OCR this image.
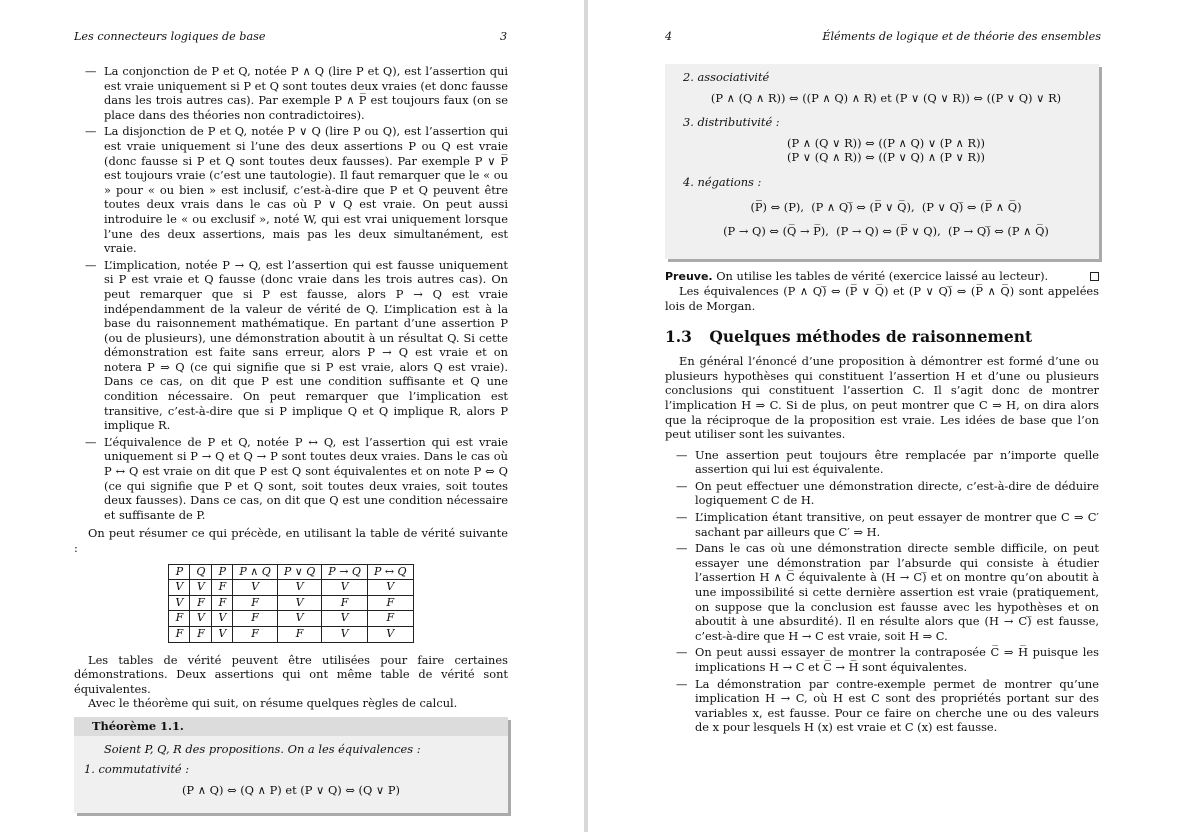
Les connecteurs logiques de base	3
— La conjonction de P et Q, notée P ∧ Q (lire P et Q), est l’assertion qui est vraie uniquement si P et Q sont toutes deux vraies (et donc fausse dans les trois autres cas). Par exemple P ∧ P̅ est toujours faux (on se place dans des théories non contradictoires).
— La disjonction de P et Q, notée P ∨ Q (lire P ou Q), est l’assertion qui est vraie uniquement si l’une des deux assertions P ou Q est vraie (donc fausse si P et Q sont toutes deux fausses). Par exemple P ∨ P̅ est toujours vraie (c’est une tautologie). Il faut remarquer que le « ou » pour « ou bien » est inclusif, c’est-à-dire que P et Q peuvent être toutes deux vrais dans le cas où P ∨ Q est vraie. On peut aussi introduire le « ou exclusif », noté W, qui est vrai uniquement lorsque l’une des deux assertions, mais pas les deux simultanément, est vraie.
— L’implication, notée P → Q, est l’assertion qui est fausse uniquement si P est vraie et Q fausse (donc vraie dans les trois autres cas). On peut remarquer que si P est fausse, alors P → Q est vraie indépendamment de la valeur de vérité de Q. L’implication est à la base du raisonnement mathématique. En partant d’une assertion P (ou de plusieurs), une démonstration aboutit à un résultat Q. Si cette démonstration est faite sans erreur, alors P → Q est vraie et on notera P ⇒ Q (ce qui signifie que si P est vraie, alors Q est vraie). Dans ce cas, on dit que P est une condition suffisante et Q une condition nécessaire. On peut remarquer que l’implication est transitive, c’est-à-dire que si P implique Q et Q implique R, alors P implique R.
— L’équivalence de P et Q, notée P ↔ Q, est l’assertion qui est vraie uniquement si P → Q et Q → P sont toutes deux vraies. Dans le cas où P ↔ Q est vraie on dit que P est Q sont équivalentes et on note P ⇔ Q (ce qui signifie que P et Q sont, soit toutes deux vraies, soit toutes deux fausses). Dans ce cas, on dit que Q est une condition nécessaire et suffisante de P.

On peut résumer ce qui précède, en utilisant la table de vérité suivante :

P	Q	P̅	P ∧ Q	P ∨ Q	P → Q	P ↔ Q
V	V	F	V	V	V	V
V	F	F	F	V	F	F
F	V	V	F	V	V	F
F	F	V	F	F	V	V

Les tables de vérité peuvent être utilisées pour faire certaines démonstrations. Deux assertions qui ont même table de vérité sont équivalentes.

Avec le théorème qui suit, on résume quelques règles de calcul.

Théorème 1.1.
Soient P, Q, R des propositions. On a les équivalences :
1. commutativité :
(P ∧ Q) ⇔ (Q ∧ P) et (P ∨ Q) ⇔ (Q ∨ P)
4	Éléments de logique et de théorie des ensembles
2. associativité
(P ∧ (Q ∧ R)) ⇔ ((P ∧ Q) ∧ R) et (P ∨ (Q ∨ R)) ⇔ ((P ∨ Q) ∨ R)
3. distributivité :
(P ∧ (Q ∨ R)) ⇔ ((P ∧ Q) ∨ (P ∧ R))
(P ∨ (Q ∧ R)) ⇔ ((P ∨ Q) ∧ (P ∨ R))
4. négations :
(P̅̅) ⇔ (P),  (P ∧ Q)̅ ⇔ (P̅ ∨ Q̅),  (P ∨ Q)̅ ⇔ (P̅ ∧ Q̅)
(P → Q) ⇔ (Q̅ → P̅),  (P → Q) ⇔ (P̅ ∨ Q),  (P → Q)̅ ⇔ (P ∧ Q̅)

Preuve. On utilise les tables de vérité (exercice laissé au lecteur).

Les équivalences (P ∧ Q)̅ ⇔ (P̅ ∨ Q̅) et (P ∨ Q)̅ ⇔ (P̅ ∧ Q̅) sont appelées lois de Morgan.

1.3 Quelques méthodes de raisonnement

En général l’énoncé d’une proposition à démontrer est formé d’une ou plusieurs hypothèses qui constituent l’assertion H et d’une ou plusieurs conclusions qui constituent l’assertion C. Il s’agit donc de montrer l’implication H ⇒ C. Si de plus, on peut montrer que C ⇒ H, on dira alors que la réciproque de la proposition est vraie. Les idées de base que l’on peut utiliser sont les suivantes.

— Une assertion peut toujours être remplacée par n’importe quelle assertion qui lui est équivalente.
— On peut effectuer une démonstration directe, c’est-à-dire de déduire logiquement C de H.
— L’implication étant transitive, on peut essayer de montrer que C ⇒ C′ sachant par ailleurs que C′ ⇒ H.
— Dans le cas où une démonstration directe semble difficile, on peut essayer une démonstration par l’absurde qui consiste à étudier l’assertion H ∧ C̅ équivalente à (H → C)̅ et on montre qu’on aboutit à une impossibilité si cette dernière assertion est vraie (pratiquement, on suppose que la conclusion est fausse avec les hypothèses et on aboutit à une absurdité). Il en résulte alors que (H → C)̅ est fausse, c’est-à-dire que H → C est vraie, soit H ⇒ C.
— On peut aussi essayer de montrer la contraposée C̅ ⇒ H̅ puisque les implications H → C et C̅ → H̅ sont équivalentes.
— La démonstration par contre-exemple permet de montrer qu’une implication H → C, où H est C sont des propriétés portant sur des variables x, est fausse. Pour ce faire on cherche une ou des valeurs de x pour lesquels H (x) est vraie et C (x) est fausse.
